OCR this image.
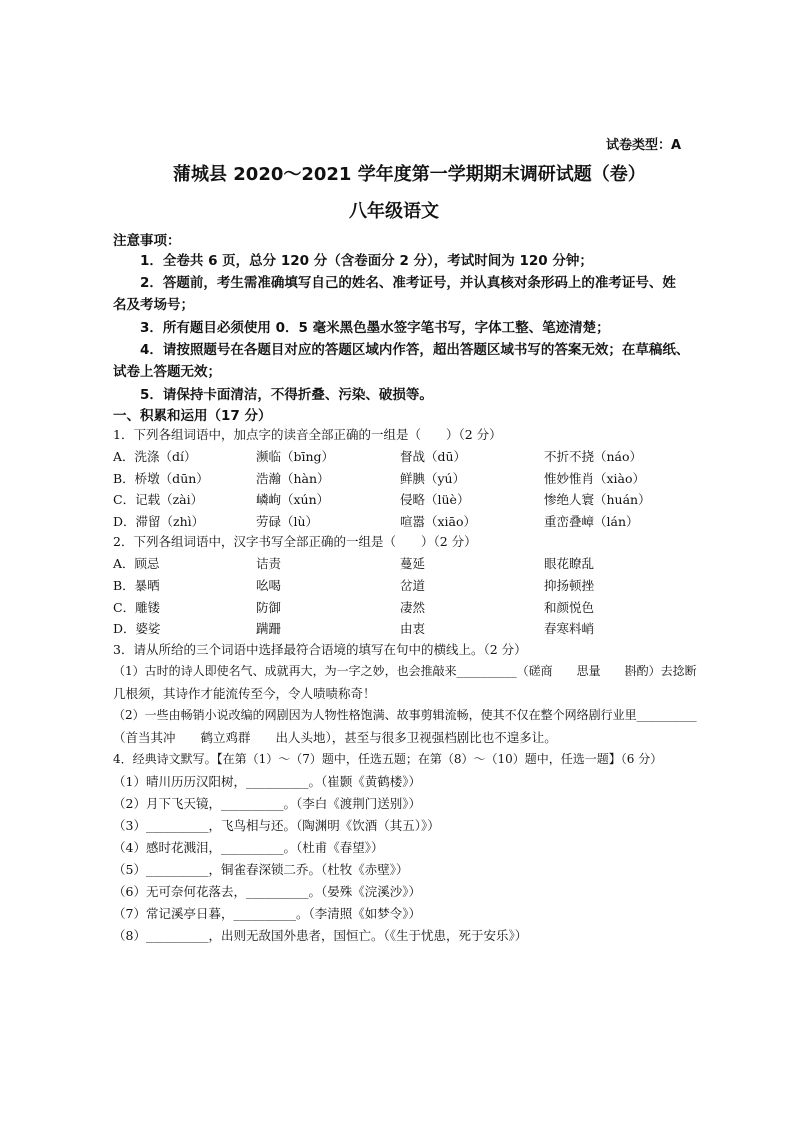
试卷类型：A
蒲城县 2020～2021 学年度第一学期期末调研试题（卷）
八年级语文
注意事项：
1．全卷共 6 页，总分 120 分（含卷面分 2 分），考试时间为 120 分钟；
2．答题前，考生需准确填写自己的姓名、准考证号，并认真核对条形码上的准考证号、姓
名及考场号；
3．所有题目必须使用 0．5 毫米黑色墨水签字笔书写，字体工整、笔迹清楚；
4．请按照题号在各题目对应的答题区域内作答，超出答题区域书写的答案无效；在草稿纸、
试卷上答题无效；
5．请保持卡面清洁，不得折叠、污染、破损等。
一、积累和运用（17 分）
1．下列各组词语中，加点字的读音全部正确的一组是（　　）（2 分）
A．洗涤（dí）	濒临（bīng）	督战（dū）	不折不挠（náo）
B．桥墩（dūn）	浩瀚（hàn）	鲜腆（yú）	惟妙惟肖（xiào）
C．记载（zài）	嶙峋（xún）	侵略（lüè）	惨绝人寰（huán）
D．滞留（zhì）	劳碌（lù）	喧嚣（xiāo）	重峦叠嶂（lán）
2．下列各组词语中，汉字书写全部正确的一组是（　　）（2 分）
A．顾忌	诘责	蔓延	眼花瞭乱
B．暴晒	吆喝	岔道	抑扬顿挫
C．雕镂	防御	凄然	和颜悦色
D．婆娑	蹒跚	由衷	春寒料峭
3．请从所给的三个词语中选择最符合语境的填写在句中的横线上。（2 分）
（1）古时的诗人即使名气、成就再大，为一字之妙，也会推敲来__________（磋商　　思量　　斟酌）去捻断
几根须，其诗作才能流传至今，令人啧啧称奇！
（2）一些由畅销小说改编的网剧因为人物性格饱满、故事剪辑流畅，使其不仅在整个网络剧行业里__________
（首当其冲　　鹤立鸡群　　出人头地），甚至与很多卫视强档剧比也不遑多让。
4．经典诗文默写。【在第（1）～（7）题中，任选五题；在第（8）～（10）题中，任选一题】（6 分）
（1）晴川历历汉阳树，__________。（崔颢《黄鹤楼》）
（2）月下飞天镜，__________。（李白《渡荆门送别》）
（3）__________，飞鸟相与还。（陶渊明《饮酒（其五）》）
（4）感时花溅泪，__________。（杜甫《春望》）
（5）__________，铜雀春深锁二乔。（杜牧《赤壁》）
（6）无可奈何花落去，__________。（晏殊《浣溪沙》）
（7）常记溪亭日暮，__________。（李清照《如梦令》）
（8）__________，出则无敌国外患者，国恒亡。（《生于忧患，死于安乐》）
